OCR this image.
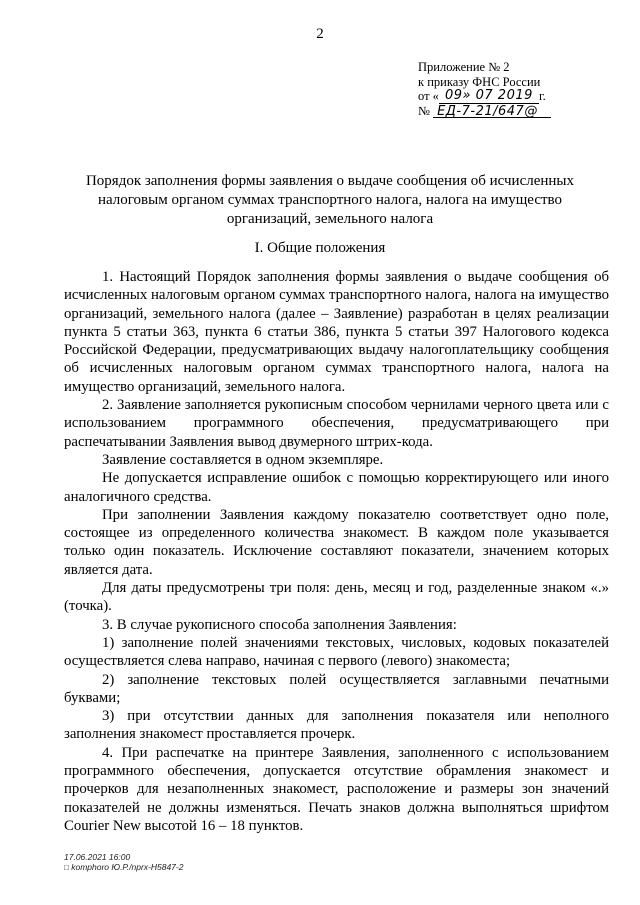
2
Приложение № 2
к приказу ФНС России
от « 09» 07 2019 г.
№ ЕД-7-21/647@
Порядок заполнения формы заявления о выдаче сообщения об исчисленных налоговым органом суммах транспортного налога, налога на имущество организаций, земельного налога
I. Общие положения

1. Настоящий Порядок заполнения формы заявления о выдаче сообщения об исчисленных налоговым органом суммах транспортного налога, налога на имущество организаций, земельного налога (далее – Заявление) разработан в целях реализации пункта 5 статьи 363, пункта 6 статьи 386, пункта 5 статьи 397 Налогового кодекса Российской Федерации, предусматривающих выдачу налогоплательщику сообщения об исчисленных налоговым органом суммах транспортного налога, налога на имущество организаций, земельного налога.

2. Заявление заполняется рукописным способом чернилами черного цвета или с использованием программного обеспечения, предусматривающего при распечатывании Заявления вывод двумерного штрих-кода.

Заявление составляется в одном экземпляре.

Не допускается исправление ошибок с помощью корректирующего или иного аналогичного средства.

При заполнении Заявления каждому показателю соответствует одно поле, состоящее из определенного количества знакомест. В каждом поле указывается только один показатель. Исключение составляют показатели, значением которых является дата.

Для даты предусмотрены три поля: день, месяц и год, разделенные знаком «.» (точка).

3. В случае рукописного способа заполнения Заявления:

1) заполнение полей значениями текстовых, числовых, кодовых показателей осуществляется слева направо, начиная с первого (левого) знакоместа;

2) заполнение текстовых полей осуществляется заглавными печатными буквами;

3) при отсутствии данных для заполнения показателя или неполного заполнения знакомест проставляется прочерк.

4. При распечатке на принтере Заявления, заполненного с использованием программного обеспечения, допускается отсутствие обрамления знакомест и прочерков для незаполненных знакомест, расположение и размеры зон значений показателей не должны изменяться. Печать знаков должна выполняться шрифтом Courier New высотой 16 – 18 пунктов.

17.06.2021 16:00
□ komphoro Ю.Р./nprx-H5847-2
